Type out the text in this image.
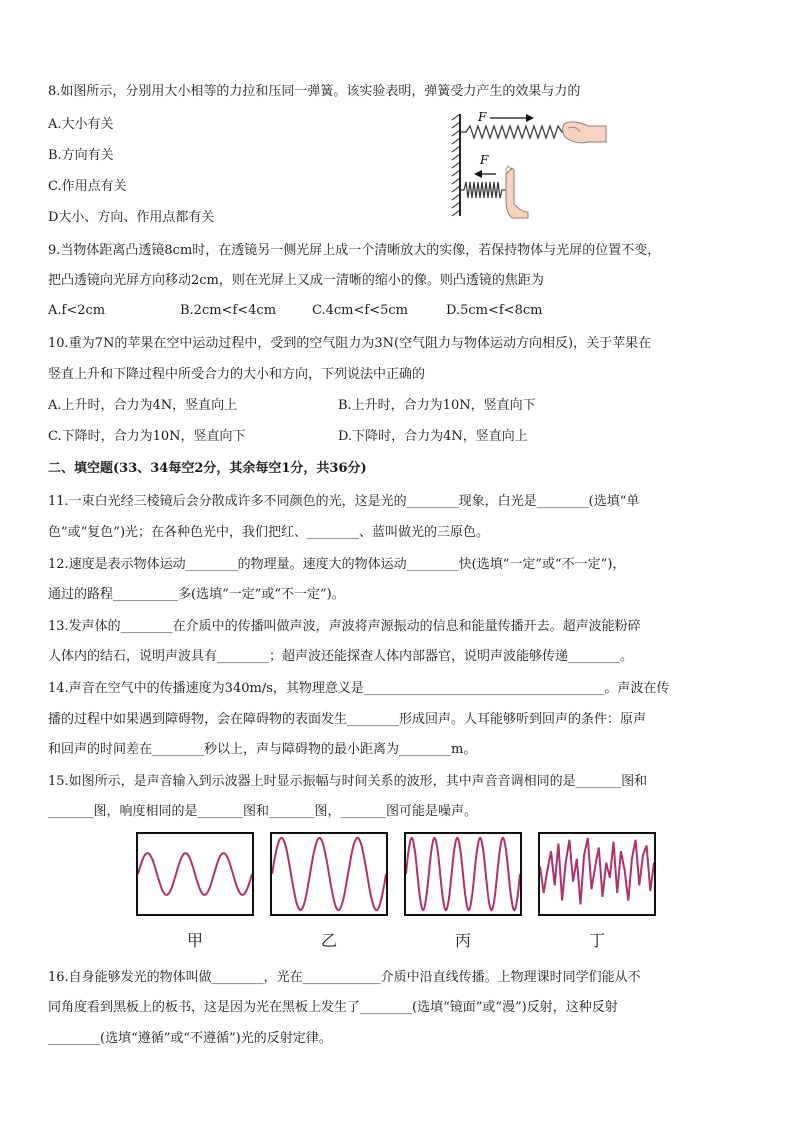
8.如图所示，分别用大小相等的力拉和压同一弹簧。该实验表明，弹簧受力产生的效果与力的
A.大小有关
B.方向有关
C.作用点有关
D大小、方向、作用点都有关
F
F
9.当物体距离凸透镜8cm时，在透镜另一侧光屏上成一个清晰放大的实像，若保持物体与光屏的位置不变，
把凸透镜向光屏方向移动2cm，则在光屏上又成一清晰的缩小的像。则凸透镜的焦距为
A.f<2cm	B.2cm<f<4cm	C.4cm<f<5cm	D.5cm<f<8cm
10.重为7N的苹果在空中运动过程中，受到的空气阻力为3N(空气阻力与物体运动方向相反)，关于苹果在
竖直上升和下降过程中所受合力的大小和方向，下列说法中正确的
A.上升时，合力为4N，竖直向上	B.上升时，合力为10N，竖直向下
C.下降时，合力为10N，竖直向下	D.下降时，合力为4N，竖直向上
二、填空题(33、34每空2分，其余每空1分，共36分)
11.一束白光经三棱镜后会分散成许多不同颜色的光，这是光的________现象，白光是________(选填“单
色”或“复色”)光；在各种色光中，我们把红、________、蓝叫做光的三原色。
12.速度是表示物体运动________的物理量。速度大的物体运动________快(选填“一定”或“不一定”)，
通过的路程__________多(选填“一定”或“不一定”)。
13.发声体的________在介质中的传播叫做声波，声波将声源振动的信息和能量传播开去。超声波能粉碎
人体内的结石，说明声波具有________；超声波还能探查人体内部器官，说明声波能够传递________。
14.声音在空气中的传播速度为340m/s，其物理意义是_____________________________________。声波在传
播的过程中如果遇到障碍物，会在障碍物的表面发生________形成回声。人耳能够听到回声的条件：原声
和回声的时间差在________秒以上，声与障碍物的最小距离为________m。
15.如图所示，是声音输入到示波器上时显示振幅与时间关系的波形，其中声音音调相同的是_______图和
_______图，响度相同的是_______图和_______图，_______图可能是噪声。
甲	乙	丙	丁
16.自身能够发光的物体叫做________，光在____________介质中沿直线传播。上物理课时同学们能从不
同角度看到黑板上的板书，这是因为光在黑板上发生了________(选填“镜面”或“漫”)反射，这种反射
________(选填“遵循”或“不遵循”)光的反射定律。
